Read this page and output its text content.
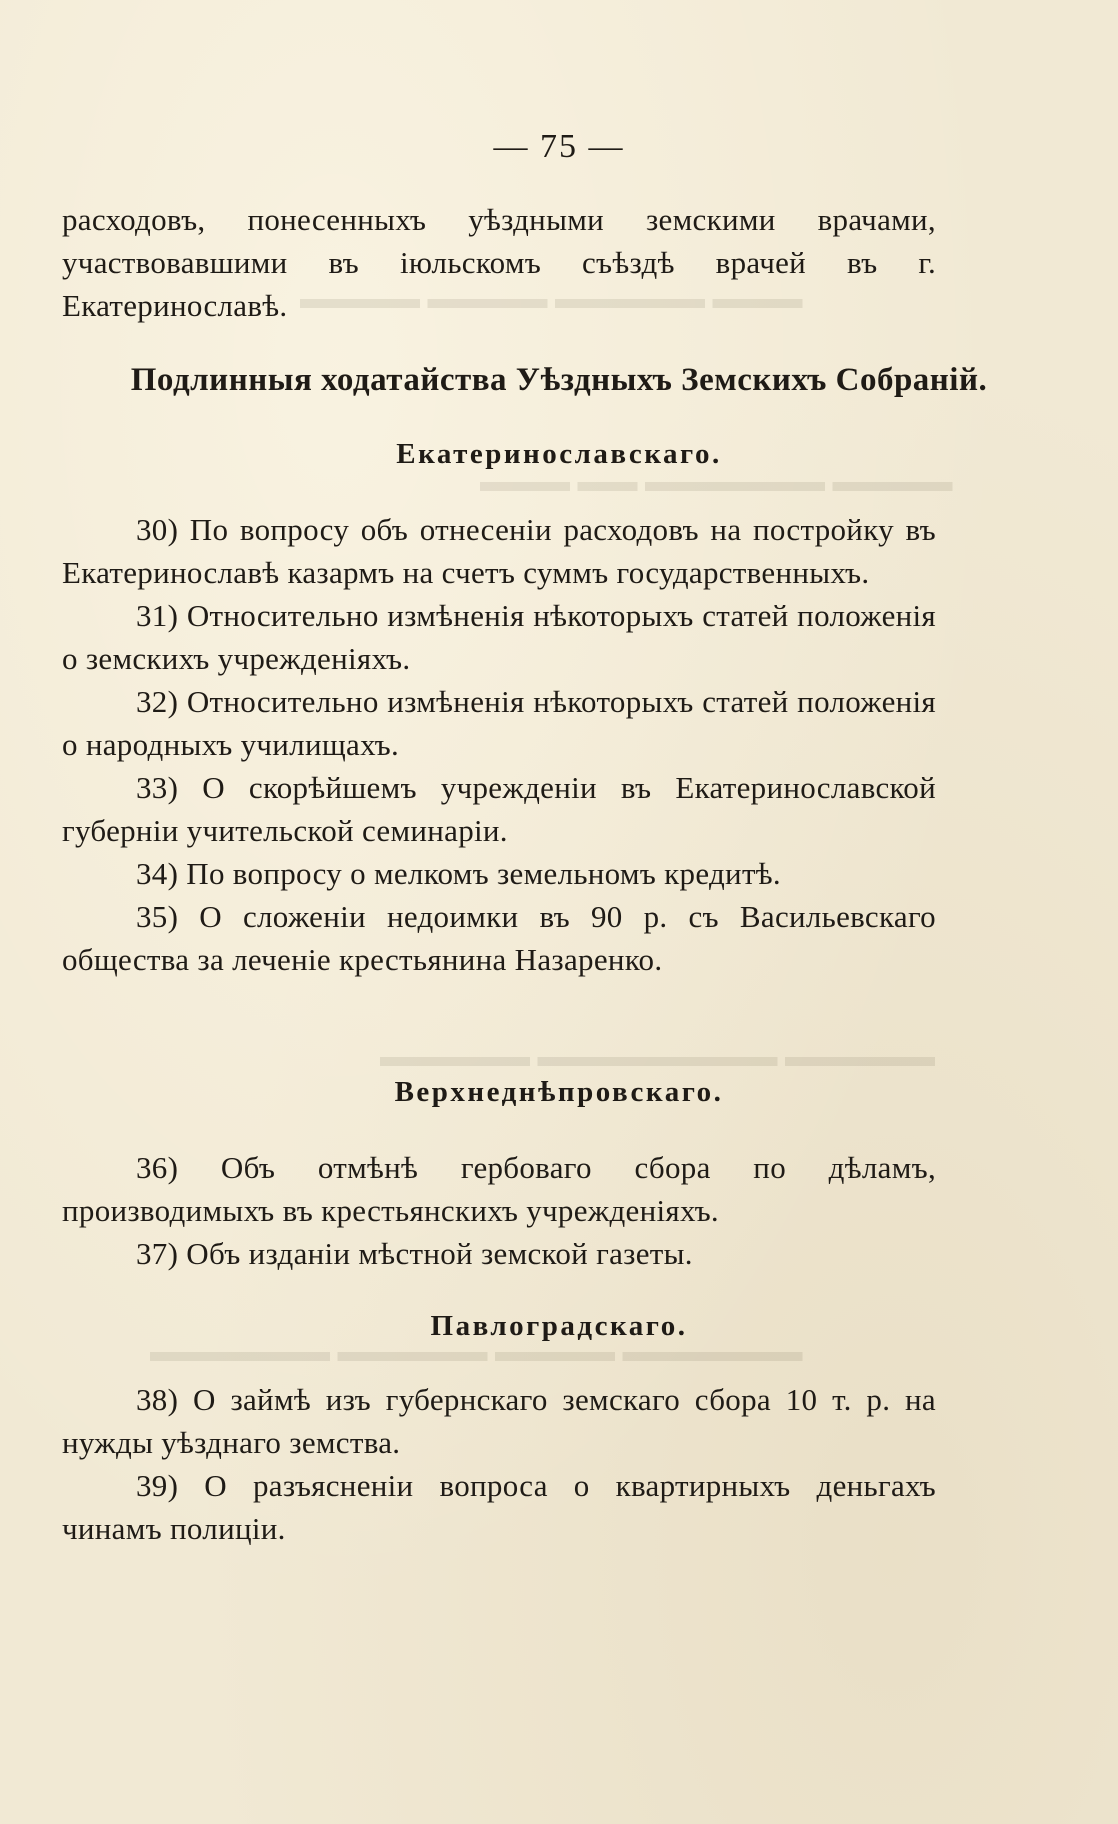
▬▬▬ ▬▬▬▬▬ ▬▬▬▬ ▬▬▬▬
▬▬▬▬ ▬▬▬▬▬▬ ▬▬ ▬▬▬
▬▬▬▬▬ ▬▬▬▬▬▬▬▬ ▬▬▬▬▬
▬▬▬▬▬▬ ▬▬▬▬ ▬▬▬▬▬ ▬▬▬▬▬▬
— 75 —

расходовъ, понесенныхъ уѣздными земскими врачами, участвовавшими въ іюльскомъ съѣздѣ врачей въ г. Екатеринославѣ.

Подлинныя ходатайства Уѣздныхъ Земскихъ Собраній.
Екатеринославскаго.

30) По вопросу объ отнесеніи расходовъ на постройку въ Екатеринославѣ казармъ на счетъ суммъ государственныхъ.

31) Относительно измѣненія нѣкоторыхъ статей положенія о земскихъ учрежденіяхъ.

32) Относительно измѣненія нѣкоторыхъ статей положенія о народныхъ училищахъ.

33) О скорѣйшемъ учрежденіи въ Екатеринославской губерніи учительской семинаріи.

34) По вопросу о мелкомъ земельномъ кредитѣ.

35) О сложеніи недоимки въ 90 р. съ Васильевскаго общества за леченіе крестьянина Назаренко.

Верхнеднѣпровскаго.

36) Объ отмѣнѣ гербоваго сбора по дѣламъ, производимыхъ въ крестьянскихъ учрежденіяхъ.

37) Объ изданіи мѣстной земской газеты.

Павлоградскаго.

38) О займѣ изъ губернскаго земскаго сбора 10 т. р. на нужды уѣзднаго земства.

39) О разъясненіи вопроса о квартирныхъ деньгахъ чинамъ полиціи.
